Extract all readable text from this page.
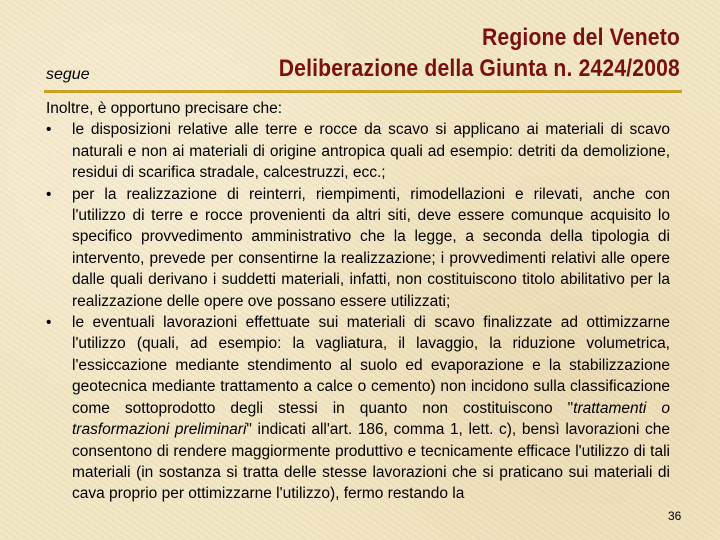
segue
Regione del Veneto
Deliberazione della Giunta n. 2424/2008

Inoltre, è opportuno precisare che:

•	le disposizioni relative alle terre e rocce da scavo si applicano ai materiali di scavo naturali e non ai materiali di origine antropica quali ad esempio: detriti da demolizione, residui di scarifica stradale, calcestruzzi, ecc.;
•	per la realizzazione di reinterri, riempimenti, rimodellazioni e rilevati, anche con l'utilizzo di terre e rocce provenienti da altri siti, deve essere comunque acquisito lo specifico provvedimento amministrativo che la legge, a seconda della tipologia di intervento, prevede per consentirne la realizzazione; i provvedimenti relativi alle opere dalle quali derivano i suddetti materiali, infatti, non costituiscono titolo abilitativo per la realizzazione delle opere ove possano essere utilizzati;
•	le eventuali lavorazioni effettuate sui materiali di scavo finalizzate ad ottimizzarne l'utilizzo (quali, ad esempio: la vagliatura, il lavaggio, la riduzione volumetrica, l'essiccazione mediante stendimento al suolo ed evaporazione e la stabilizzazione geotecnica mediante trattamento a calce o cemento) non incidono sulla classificazione come sottoprodotto degli stessi in quanto non costituiscono "trattamenti o trasformazioni preliminari" indicati all'art. 186, comma 1, lett. c), bensì lavorazioni che consentono di rendere maggiormente produttivo e tecnicamente efficace l'utilizzo di tali materiali (in sostanza si tratta delle stesse lavorazioni che si praticano sui materiali di cava proprio per ottimizzarne l'utilizzo), fermo restando la
36
